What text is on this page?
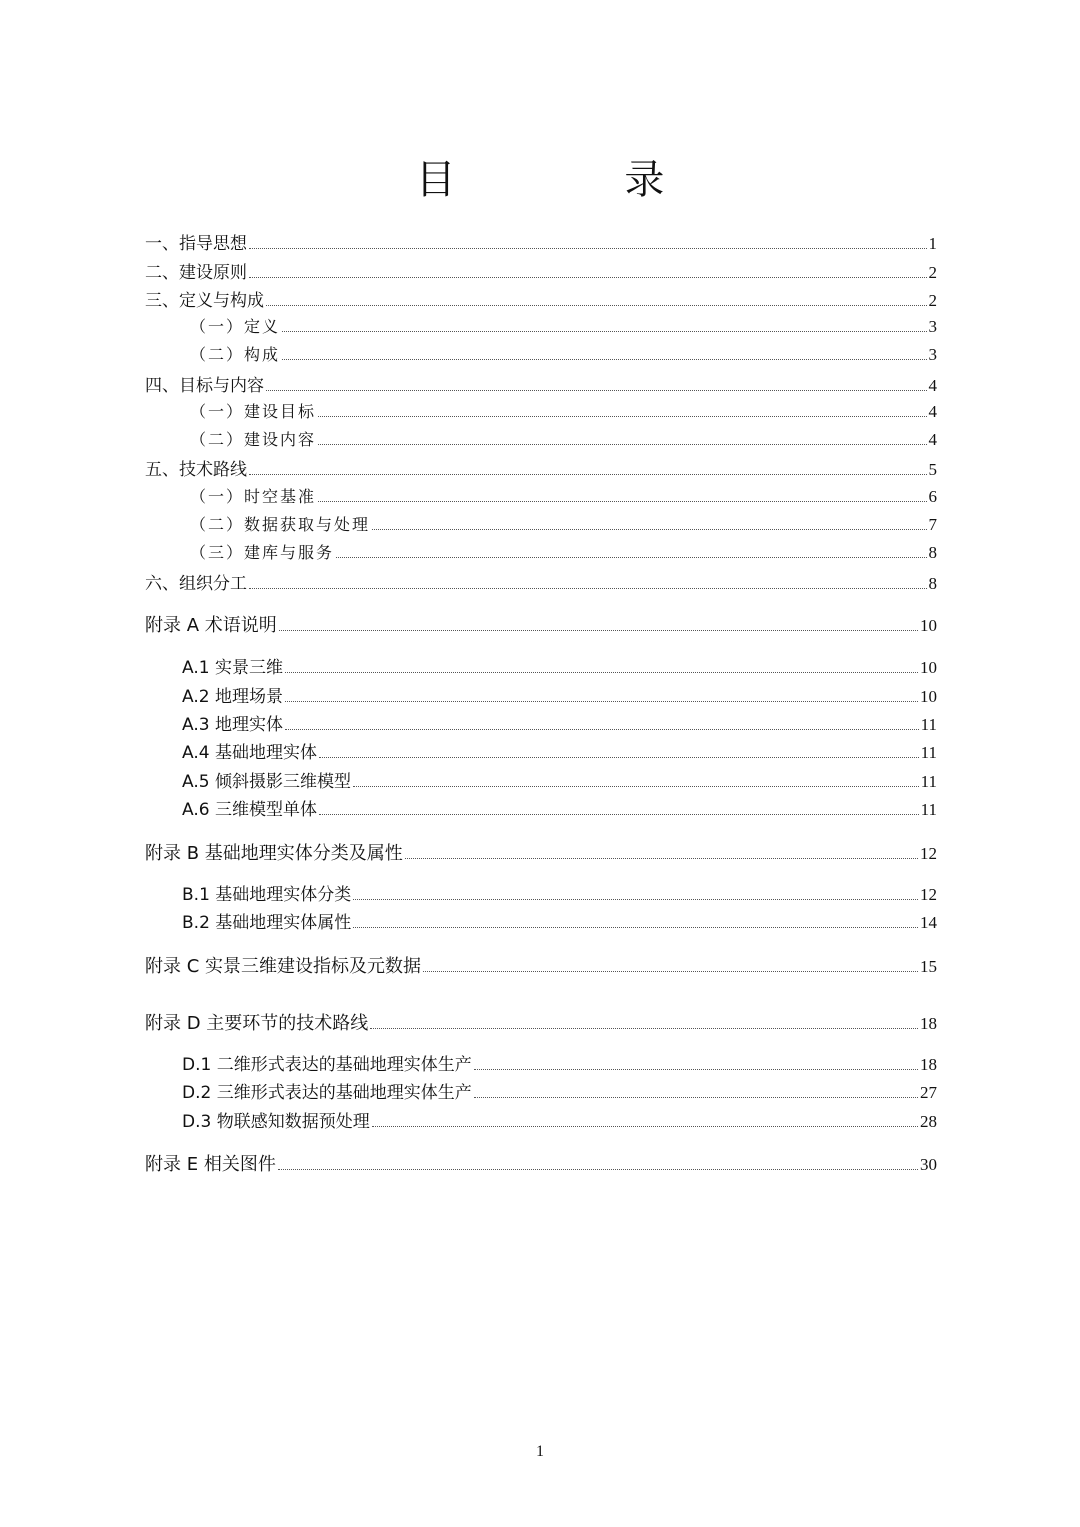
目 录
一、指导思想	1
二、建设原则	2
三、定义与构成	2
（一）定义	3
（二）构成	3
四、目标与内容	4
（一）建设目标	4
（二）建设内容	4
五、技术路线	5
（一）时空基准	6
（二）数据获取与处理	7
（三）建库与服务	8
六、组织分工	8
附录 A 术语说明	10
A.1 实景三维	10
A.2 地理场景	10
A.3 地理实体	11
A.4 基础地理实体	11
A.5 倾斜摄影三维模型	11
A.6 三维模型单体	11
附录 B 基础地理实体分类及属性	12
B.1 基础地理实体分类	12
B.2 基础地理实体属性	14
附录 C 实景三维建设指标及元数据	15
附录 D 主要环节的技术路线	18
D.1 二维形式表达的基础地理实体生产	18
D.2 三维形式表达的基础地理实体生产	27
D.3 物联感知数据预处理	28
附录 E 相关图件	30
1
